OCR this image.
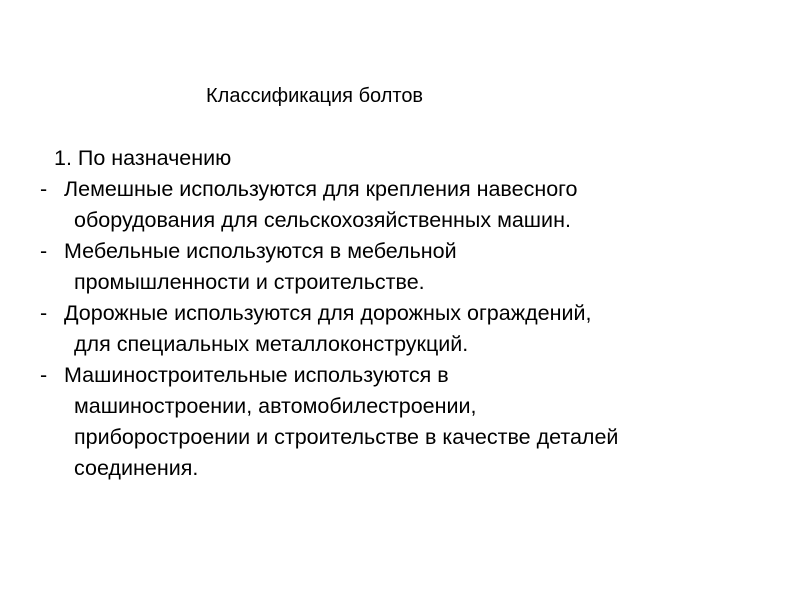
Классификация болтов
1. По назначению
- Лемешные используются для крепления навесного
оборудования для сельскохозяйственных машин.
- Мебельные используются в мебельной
промышленности и строительстве.
- Дорожные используются для дорожных ограждений,
для специальных металлоконструкций.
- Машиностроительные используются в
машиностроении, автомобилестроении,
приборостроении и строительстве в качестве деталей
соединения.
